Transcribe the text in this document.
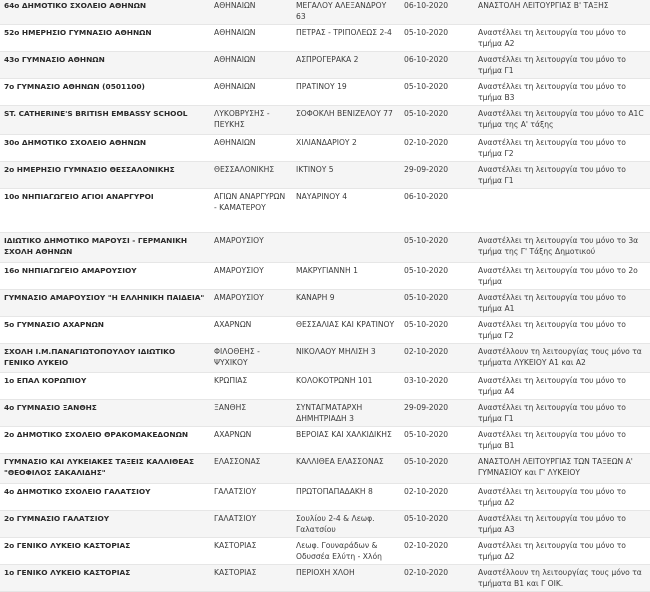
64ο ΔΗΜΟΤΙΚΟ ΣΧΟΛΕΙΟ ΑΘΗΝΩΝ	ΑΘΗΝΑΙΩΝ	ΜΕΓΑΛΟΥ ΑΛΕΞΑΝΔΡΟΥ 63	06-10-2020	ΑΝΑΣΤΟΛΗ ΛΕΙΤΟΥΡΓΙΑΣ Β' ΤΑΞΗΣ
52ο ΗΜΕΡΗΣΙΟ ΓΥΜΝΑΣΙΟ ΑΘΗΝΩΝ	ΑΘΗΝΑΙΩΝ	ΠΕΤΡΑΣ - ΤΡΙΠΟΛΕΩΣ 2-4	05-10-2020	Αναστέλλει τη λειτουργία του μόνο το τμήμα Α2
43ο ΓΥΜΝΑΣΙΟ ΑΘΗΝΩΝ	ΑΘΗΝΑΙΩΝ	ΑΣΠΡΟΓΕΡΑΚΑ 2	06-10-2020	Αναστέλλει τη λειτουργία του μόνο το τμήμα Γ1
7ο ΓΥΜΝΑΣΙΟ ΑΘΗΝΩΝ (0501100)	ΑΘΗΝΑΙΩΝ	ΠΡΑΤΙΝΟΥ 19	05-10-2020	Αναστέλλει τη λειτουργία του μόνο το τμήμα Β3
ST. CATHERINE'S BRITISH EMBASSY SCHOOL	ΛΥΚΟΒΡΥΣΗΣ - ΠΕΥΚΗΣ	ΣΟΦΟΚΛΗ ΒΕΝΙΖΕΛΟΥ 77	05-10-2020	Αναστέλλει τη λειτουργία του μόνο το A1C τμήμα της Α' τάξης
30ο ΔΗΜΟΤΙΚΟ ΣΧΟΛΕΙΟ ΑΘΗΝΩΝ	ΑΘΗΝΑΙΩΝ	ΧΙΛΙΑΝΔΑΡΙΟΥ 2	02-10-2020	Αναστέλλει τη λειτουργία του μόνο το τμήμα Γ2
2ο ΗΜΕΡΗΣΙΟ ΓΥΜΝΑΣΙΟ ΘΕΣΣΑΛΟΝΙΚΗΣ	ΘΕΣΣΑΛΟΝΙΚΗΣ	ΙΚΤΙΝΟΥ 5	29-09-2020	Αναστέλλει τη λειτουργία του μόνο το τμήμα Γ1
10ο ΝΗΠΙΑΓΩΓΕΙΟ ΑΓΙΟΙ ΑΝΑΡΓΥΡΟΙ	ΑΓΙΩΝ ΑΝΑΡΓΥΡΩΝ - ΚΑΜΑΤΕΡΟΥ	ΝΑΥΑΡΙΝΟΥ 4	06-10-2020	
ΙΔΙΩΤΙΚΟ ΔΗΜΟΤΙΚΟ ΜΑΡΟΥΣΙ - ΓΕΡΜΑΝΙΚΗ ΣΧΟΛΗ ΑΘΗΝΩΝ	ΑΜΑΡΟΥΣΙΟΥ		05-10-2020	Αναστέλλει τη λειτουργία του μόνο το 3α τμήμα της Γ' Τάξης Δημοτικού
16ο ΝΗΠΙΑΓΩΓΕΙΟ ΑΜΑΡΟΥΣΙΟΥ	ΑΜΑΡΟΥΣΙΟΥ	ΜΑΚΡΥΓΙΑΝΝΗ 1	05-10-2020	Αναστέλλει τη λειτουργία του μόνο το 2ο τμήμα
ΓΥΜΝΑΣΙΟ ΑΜΑΡΟΥΣΙΟΥ "Η ΕΛΛΗΝΙΚΗ ΠΑΙΔΕΙΑ"	ΑΜΑΡΟΥΣΙΟΥ	ΚΑΝΑΡΗ 9	05-10-2020	Αναστέλλει τη λειτουργία του μόνο το τμήμα Α1
5ο ΓΥΜΝΑΣΙΟ ΑΧΑΡΝΩΝ	ΑΧΑΡΝΩΝ	ΘΕΣΣΑΛΙΑΣ ΚΑΙ ΚΡΑΤΙΝΟΥ	05-10-2020	Αναστέλλει τη λειτουργία του μόνο το τμήμα Γ2
ΣΧΟΛΗ Ι.Μ.ΠΑΝΑΓΙΩΤΟΠΟΥΛΟΥ ΙΔΙΩΤΙΚΟ ΓΕΝΙΚΟ ΛΥΚΕΙΟ	ΦΙΛΟΘΕΗΣ - ΨΥΧΙΚΟΥ	ΝΙΚΟΛΑΟΥ ΜΗΛΙΣΗ 3	02-10-2020	Αναστέλλουν τη λειτουργίας τους μόνο τα τμήματα ΛΥΚΕΙΟΥ Α1 και Α2
1ο ΕΠΑΛ ΚΟΡΩΠΙΟΥ	ΚΡΩΠΙΑΣ	ΚΟΛΟΚΟΤΡΩΝΗ 101	03-10-2020	Αναστέλλει τη λειτουργία του μόνο το τμήμα Α4
4ο ΓΥΜΝΑΣΙΟ ΞΑΝΘΗΣ	ΞΑΝΘΗΣ	ΣΥΝΤΑΓΜΑΤΑΡΧΗ ΔΗΜΗΤΡΙΑΔΗ 3	29-09-2020	Αναστέλλει τη λειτουργία του μόνο το τμήμα Γ1
2ο ΔΗΜΟΤΙΚΟ ΣΧΟΛΕΙΟ ΘΡΑΚΟΜΑΚΕΔΟΝΩΝ	ΑΧΑΡΝΩΝ	ΒΕΡΟΙΑΣ ΚΑΙ ΧΑΛΚΙΔΙΚΗΣ	05-10-2020	Αναστέλλει τη λειτουργία του μόνο το τμήμα Β1
ΓΥΜΝΑΣΙΟ ΚΑΙ ΛΥΚΕΙΑΚΕΣ ΤΑΞΕΙΣ ΚΑΛΛΙΘΕΑΣ "ΘΕΟΦΙΛΟΣ ΣΑΚΑΛΙΔΗΣ"	ΕΛΑΣΣΟΝΑΣ	ΚΑΛΛΙΘΕΑ ΕΛΑΣΣΟΝΑΣ	05-10-2020	ΑΝΑΣΤΟΛΗ ΛΕΙΤΟΥΡΓΙΑΣ ΤΩΝ ΤΑΞΕΩΝ Α' ΓΥΜΝΑΣΙΟΥ και Γ' ΛΥΚΕΙΟΥ
4ο ΔΗΜΟΤΙΚΟ ΣΧΟΛΕΙΟ ΓΑΛΑΤΣΙΟΥ	ΓΑΛΑΤΣΙΟΥ	ΠΡΩΤΟΠΑΠΑΔΑΚΗ 8	02-10-2020	Αναστέλλει τη λειτουργία του μόνο το τμήμα Δ2
2ο ΓΥΜΝΑΣΙΟ ΓΑΛΑΤΣΙΟΥ	ΓΑΛΑΤΣΙΟΥ	Σουλίου 2-4 & Λεωφ. Γαλατσίου	05-10-2020	Αναστέλλει τη λειτουργία του μόνο το τμήμα Α3
2ο ΓΕΝΙΚΟ ΛΥΚΕΙΟ ΚΑΣΤΟΡΙΑΣ	ΚΑΣΤΟΡΙΑΣ	Λεωφ. Γουναράδων & Οδυσσέα Ελύτη - Χλόη	02-10-2020	Αναστέλλει τη λειτουργία του μόνο το τμήμα Δ2
1ο ΓΕΝΙΚΟ ΛΥΚΕΙΟ ΚΑΣΤΟΡΙΑΣ	ΚΑΣΤΟΡΙΑΣ	ΠΕΡΙΟΧΗ ΧΛΟΗ	02-10-2020	Αναστέλλουν τη λειτουργίας τους μόνο τα τμήματα Β1 και Γ ΟΙΚ.
